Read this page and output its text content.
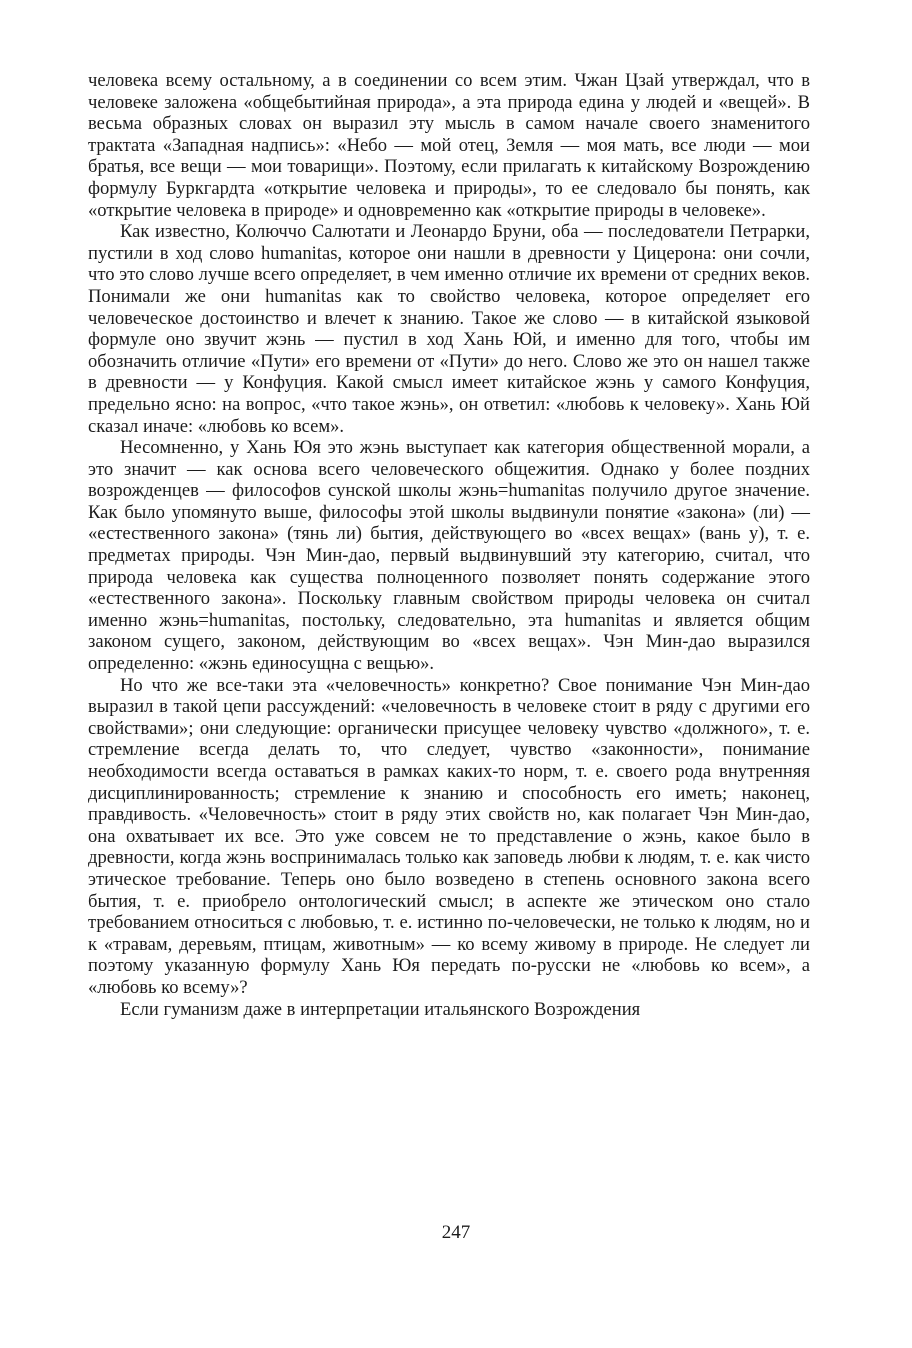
человека всему остальному, а в соединении со всем этим. Чжан Цзай утверждал, что в человеке заложена «общебытийная природа», а эта природа едина у людей и «вещей». В весьма образных словах он выразил эту мысль в самом начале своего знаменитого трактата «Западная надпись»: «Небо — мой отец, Земля — моя мать, все люди — мои братья, все вещи — мои товарищи». Поэтому, если прилагать к китайскому Возрождению формулу Буркгардта «открытие человека и природы», то ее следовало бы понять, как «открытие человека в природе» и одновременно как «открытие природы в человеке».

Как известно, Колюччо Салютати и Леонардо Бруни, оба — последователи Петрарки, пустили в ход слово humanitas, которое они нашли в древности у Цицерона: они сочли, что это слово лучше всего определяет, в чем именно отличие их времени от средних веков. Понимали же они humanitas как то свойство человека, которое определяет его человеческое достоинство и влечет к знанию. Такое же слово — в китайской языковой формуле оно звучит жэнь — пустил в ход Хань Юй, и именно для того, чтобы им обозначить отличие «Пути» его времени от «Пути» до него. Слово же это он нашел также в древности — у Конфуция. Какой смысл имеет китайское жэнь у самого Конфуция, предельно ясно: на вопрос, «что такое жэнь», он ответил: «любовь к человеку». Хань Юй сказал иначе: «любовь ко всем».

Несомненно, у Хань Юя это жэнь выступает как категория общественной морали, а это значит — как основа всего человеческого общежития. Однако у более поздних возрожденцев — философов сунской школы жэнь=humanitas получило другое значение. Как было упомянуто выше, философы этой школы выдвинули понятие «закона» (ли) — «естественного закона» (тянь ли) бытия, действующего во «всех вещах» (вань у), т. е. предметах природы. Чэн Мин-дао, первый выдвинувший эту категорию, считал, что природа человека как существа полноценного позволяет понять содержание этого «естественного закона». Поскольку главным свойством природы человека он считал именно жэнь=humanitas, постольку, следовательно, эта humanitas и является общим законом сущего, законом, действующим во «всех вещах». Чэн Мин-дао выразился определенно: «жэнь единосущна с вещью».

Но что же все-таки эта «человечность» конкретно? Свое понимание Чэн Мин-дао выразил в такой цепи рассуждений: «человечность в человеке стоит в ряду с другими его свойствами»; они следующие: органически присущее человеку чувство «должного», т. е. стремление всегда делать то, что следует, чувство «законности», понимание необходимости всегда оставаться в рамках каких-то норм, т. е. своего рода внутренняя дисциплинированность; стремление к знанию и способность его иметь; наконец, правдивость. «Человечность» стоит в ряду этих свойств но, как полагает Чэн Мин-дао, она охватывает их все. Это уже совсем не то представление о жэнь, какое было в древности, когда жэнь воспринималась только как заповедь любви к людям, т. е. как чисто этическое требование. Теперь оно было возведено в степень основного закона всего бытия, т. е. приобрело онтологический смысл; в аспекте же этическом оно стало требованием относиться с любовью, т. е. истинно по-человечески, не только к людям, но и к «травам, деревьям, птицам, животным» — ко всему живому в природе. Не следует ли поэтому указанную формулу Хань Юя передать по-русски не «любовь ко всем», а «любовь ко всему»?

Если гуманизм даже в интерпретации итальянского Возрождения

247
